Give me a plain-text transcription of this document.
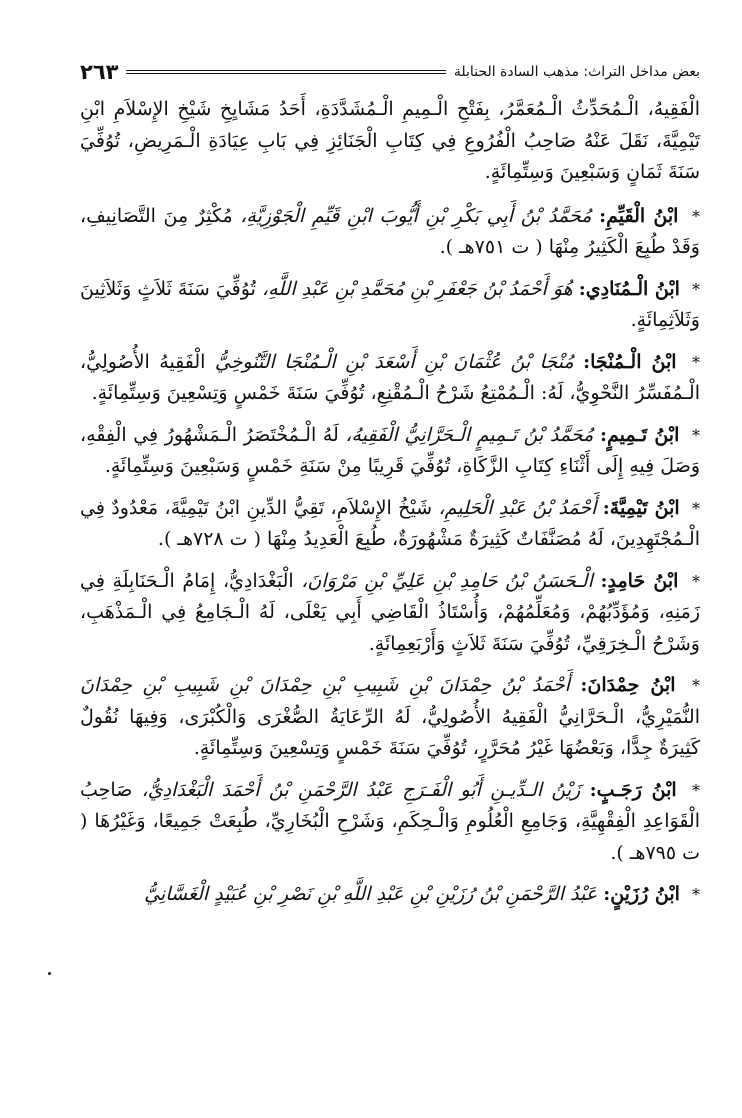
بعض مداخل التراث: مذهب السادة الحنابلة
٢٦٣

الْفَقِيهُ، الْـمُحَدِّثُ الْـمُعَمَّرُ، بِفَتْحِ الْـمِيمِ الْـمُشَدَّدَةِ، أَحَدُ مَشَايِخِ شَيْخِ الإِسْلاَمِ ابْنِ تَيْمِيَّةَ، نَقَلَ عَنْهُ صَاحِبُ الْفُرُوعِ فِي كِتَابِ الْجَنَائِزِ فِي بَابِ عِيَادَةِ الْـمَرِيضِ، تُوُفِّيَ سَنَةَ ثَمَانٍ وَسَبْعِينَ وَسِتِّمِائَةٍ.

* ابْنُ الْقَيِّمِ: مُحَمَّدُ بْنُ أَبِي بَكْرِ بْنِ أَيُّوبَ ابْنِ قَيِّمِ الْجَوْزِيَّةِ، مُكْثِرٌ مِنَ التَّصَانِيفِ، وَقَدْ طُبِعَ الْكَثِيرُ مِنْهَا ( ت ٧٥١هـ ).

* ابْنُ الْـمُنَادِي: هُوَ أَحْمَدُ بْنُ جَعْفَرِ بْنِ مُحَمَّدِ بْنِ عَبْدِ اللَّهِ، تُوُفِّيَ سَنَةَ ثَلاَثٍ وَثَلاَثِينَ وَثَلاَثِمِائَةٍ.

* ابْنُ الْـمُنْجَا: مُنْجَا بْنُ عُثْمَانَ بْنِ أَسْعَدَ بْنِ الْـمُنْجَا التَّنُوخِيُّ الْفَقِيهُ الأُصُولِيُّ، الْـمُفَسِّرُ النَّحْوِيُّ، لَهُ: الْـمُمْتِعُ شَرْحُ الْـمُقْنِعِ، تُوُفِّيَ سَنَةَ خَمْسٍ وَتِسْعِينَ وَسِتِّمِائَةٍ.

* ابْنُ تَـمِيمٍ: مُحَمَّدُ بْنُ تَـمِيمٍ الْـحَرَّانِيُّ الْفَقِيهُ، لَهُ الْـمُخْتَصَرُ الْـمَشْهُورُ فِي الْفِقْهِ، وَصَلَ فِيهِ إِلَى أَثْنَاءِ كِتَابِ الزَّكَاةِ، تُوُفِّيَ قَرِيبًا مِنْ سَنَةِ خَمْسٍ وَسَبْعِينَ وَسِتِّمِائَةٍ.

* ابْنُ تَيْمِيَّةَ: أَحْمَدُ بْنُ عَبْدِ الْحَلِيمِ، شَيْخُ الإِسْلاَمِ، تَقِيُّ الدِّينِ ابْنُ تَيْمِيَّةَ، مَعْدُودٌ فِي الْـمُجْتَهِدِينَ، لَهُ مُصَنَّفَاتٌ كَثِيرَةٌ مَشْهُورَةٌ، طُبِعَ الْعَدِيدُ مِنْهَا ( ت ٧٢٨هـ ).

* ابْنُ حَامِدٍ: الْـحَسَنُ بْنُ حَامِدِ بْنِ عَلِيِّ بْنِ مَرْوَانَ، الْبَغْدَادِيُّ، إِمَامُ الْـحَنَابِلَةِ فِي زَمَنِهِ، وَمُؤَدِّبُهُمْ، وَمُعَلِّمُهُمْ، وَأُسْتَاذُ الْقَاضِي أَبِي يَعْلَى، لَهُ الْـجَامِعُ فِي الْـمَذْهَبِ، وَشَرْحُ الْـخِرَقِيِّ، تُوُفِّيَ سَنَةَ ثَلاَثٍ وَأَرْبَعِمِائَةٍ.

* ابْنُ حِمْدَانَ: أَحْمَدُ بْنُ حِمْدَانَ بْنِ شَبِيبِ بْنِ حِمْدَانَ بْنِ شَبِيبِ بْنِ حِمْدَانَ النُّمَيْرِيُّ، الْـحَرَّانِيُّ الْفَقِيهُ الأُصُولِيُّ، لَهُ الرِّعَايَةُ الصُّغْرَى وَالْكُبْرَى، وَفِيهَا نُقُولٌ كَثِيرَةٌ جِدًّا، وَبَعْضُهَا غَيْرُ مُحَرَّرٍ، تُوُفِّيَ سَنَةَ خَمْسٍ وَتِسْعِينَ وَسِتِّمِائَةٍ.

* ابْنُ رَجَـبٍ: زَيْنُ الـدِّيـنِ أَبُو الْفَـرَجِ عَبْدُ الرَّحْمَنِ بْنُ أَحْمَدَ الْبَغْدَادِيُّ، صَاحِبُ الْقَوَاعِدِ الْفِقْهِيَّةِ، وَجَامِعِ الْعُلُومِ وَالْـحِكَمِ، وَشَرْحِ الْبُخَارِيِّ، طُبِعَتْ جَمِيعًا، وَغَيْرُهَا ( ت ٧٩٥هـ ).

* ابْنُ رُزَيْنٍ: عَبْدُ الرَّحْمَنِ بْنُ رُزَيْنِ بْنِ عَبْدِ اللَّهِ بْنِ نَصْرِ بْنِ عُبَيْدٍ الْغَسَّانِيُّ
